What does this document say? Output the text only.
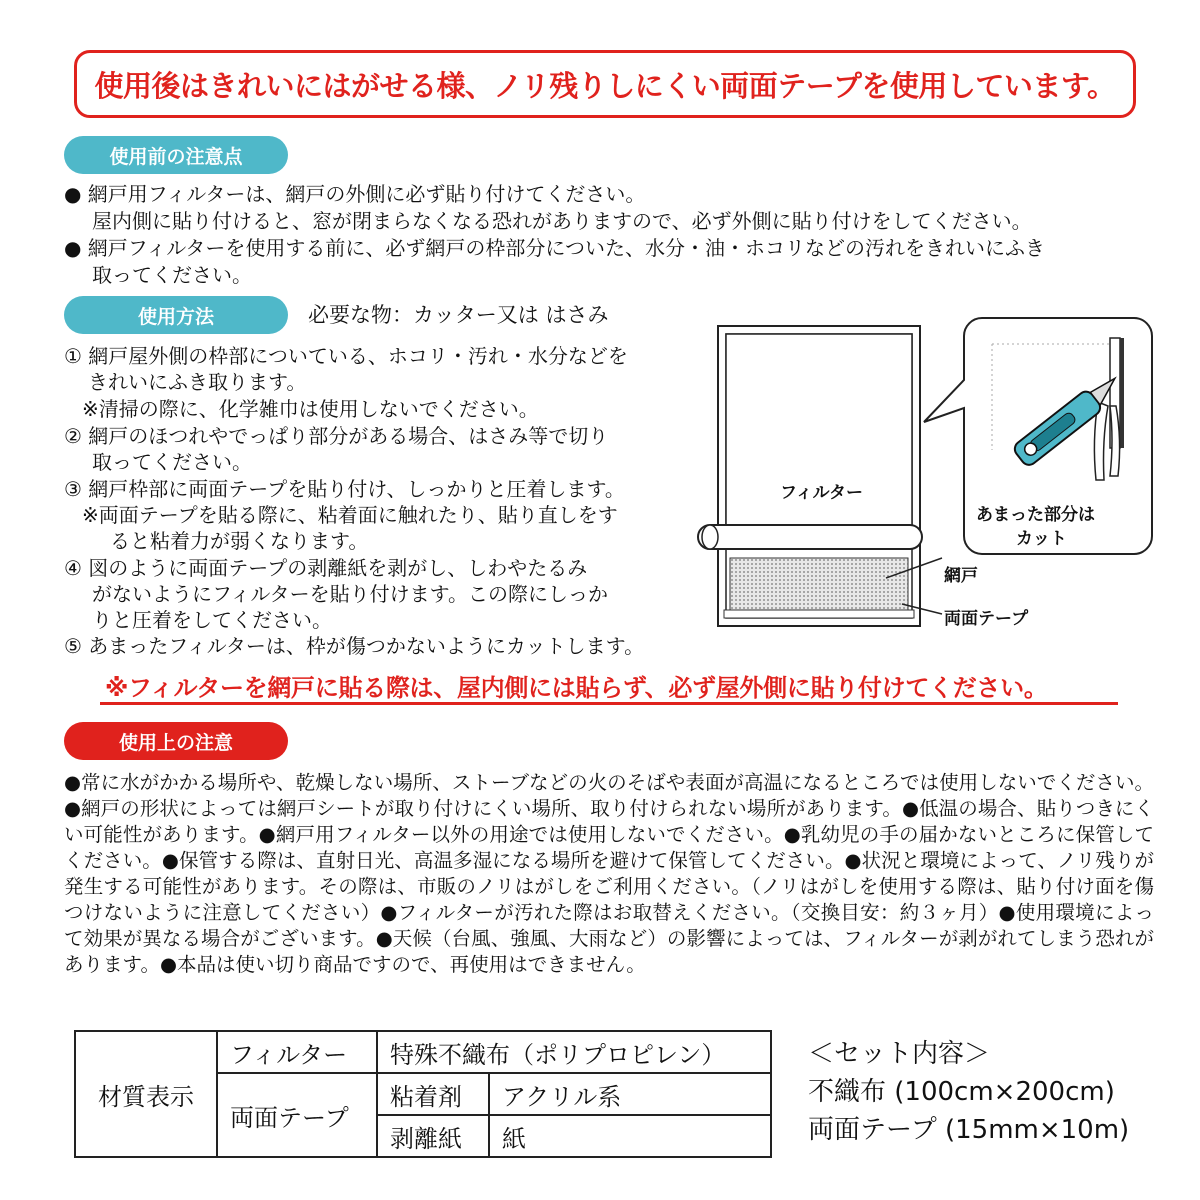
使用後はきれいにはがせる様、ノリ残りしにくい両面テープを使用しています。
使用前の注意点
● 網戸用フィルターは、網戸の外側に必ず貼り付けてください。
屋内側に貼り付けると、窓が閉まらなくなる恐れがありますので、必ず外側に貼り付けをしてください。
● 網戸フィルターを使用する前に、必ず網戸の枠部分についた、水分・油・ホコリなどの汚れをきれいにふき
取ってください。
使用方法	必要な物：カッター又は はさみ
① 網戸屋外側の枠部についている、ホコリ・汚れ・水分などを
きれいにふき取ります。
※清掃の際に、化学雑巾は使用しないでください。
② 網戸のほつれやでっぱり部分がある場合、はさみ等で切り
取ってください。
③ 網戸枠部に両面テープを貼り付け、しっかりと圧着します。
※両面テープを貼る際に、粘着面に触れたり、貼り直しをす
ると粘着力が弱くなります。
④ 図のように両面テープの剥離紙を剥がし、しわやたるみ
がないようにフィルターを貼り付けます。この際にしっか
りと圧着をしてください。
⑤ あまったフィルターは、枠が傷つかないようにカットします。
フィルター
網戸
両面テープ
あまった部分は
カット
※フィルターを網戸に貼る際は、屋内側には貼らず、必ず屋外側に貼り付けてください。
使用上の注意
●常に水がかかる場所や、乾燥しない場所、ストーブなどの火のそばや表面が高温になるところでは使用しないでください。●網戸の形状によっては網戸シートが取り付けにくい場所、取り付けられない場所があります。●低温の場合、貼りつきにくい可能性があります。●網戸用フィルター以外の用途では使用しないでください。●乳幼児の手の届かないところに保管してください。●保管する際は、直射日光、高温多湿になる場所を避けて保管してください。●状況と環境によって、ノリ残りが発生する可能性があります。その際は、市販のノリはがしをご利用ください。（ノリはがしを使用する際は、貼り付け面を傷つけないように注意してください）●フィルターが汚れた際はお取替えください。（交換目安：約３ヶ月）●使用環境によって効果が異なる場合がございます。●天候（台風、強風、大雨など）の影響によっては、フィルターが剥がれてしまう恐れがあります。●本品は使い切り商品ですので、再使用はできません。
材質表示	フィルター	特殊不織布（ポリプロピレン）	
	両面テープ	粘着剤	アクリル系
		剥離紙	紙
＜セット内容＞
不織布 (100cm×200cm)
両面テープ (15mm×10m)
